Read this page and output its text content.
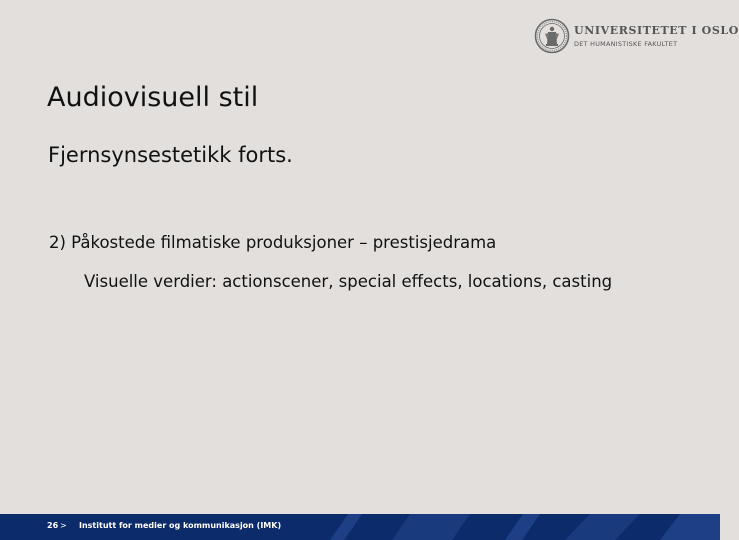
UNIVERSITETET I OSLO
DET HUMANISTISKE FAKULTET
Audiovisuell stil
Fjernsynsestetikk forts.

2) Påkostede filmatiske produksjoner – prestisjedrama

Visuelle verdier: actionscener, special effects, locations, casting

26 > Institutt for medier og kommunikasjon (IMK)
